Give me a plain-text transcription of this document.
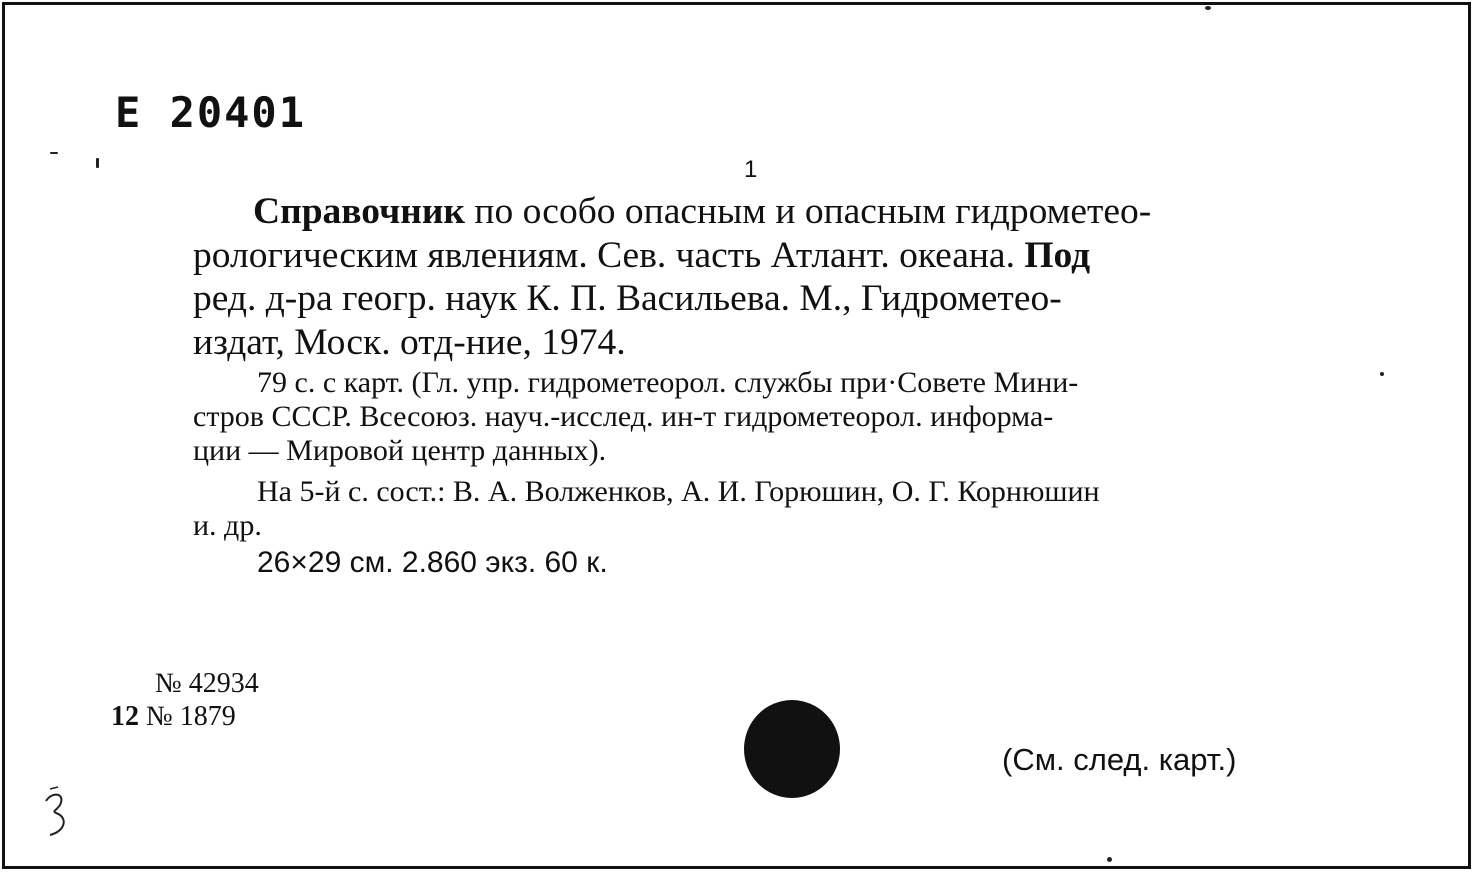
Е 20401
1
Справочник по особо опасным и опасным гидрометео-
рологическим явлениям. Сев. часть Атлант. океана. Под
ред. д-ра геогр. наук К. П. Васильева. М., Гидрометео-
издат, Моск. отд-ние, 1974.
79 с. с карт. (Гл. упр. гидрометеорол. службы при·Совете Мини-
стров СССР. Всесоюз. науч.-исслед. ин-т гидрометеорол. информа-
ции — Мировой центр данных).
На 5-й с. сост.: В. А. Волженков, А. И. Горюшин, О. Г. Корнюшин
и. др.
26×29 см. 2.860 экз. 60 к.
№ 42934
12 № 1879
(См. след. карт.)
